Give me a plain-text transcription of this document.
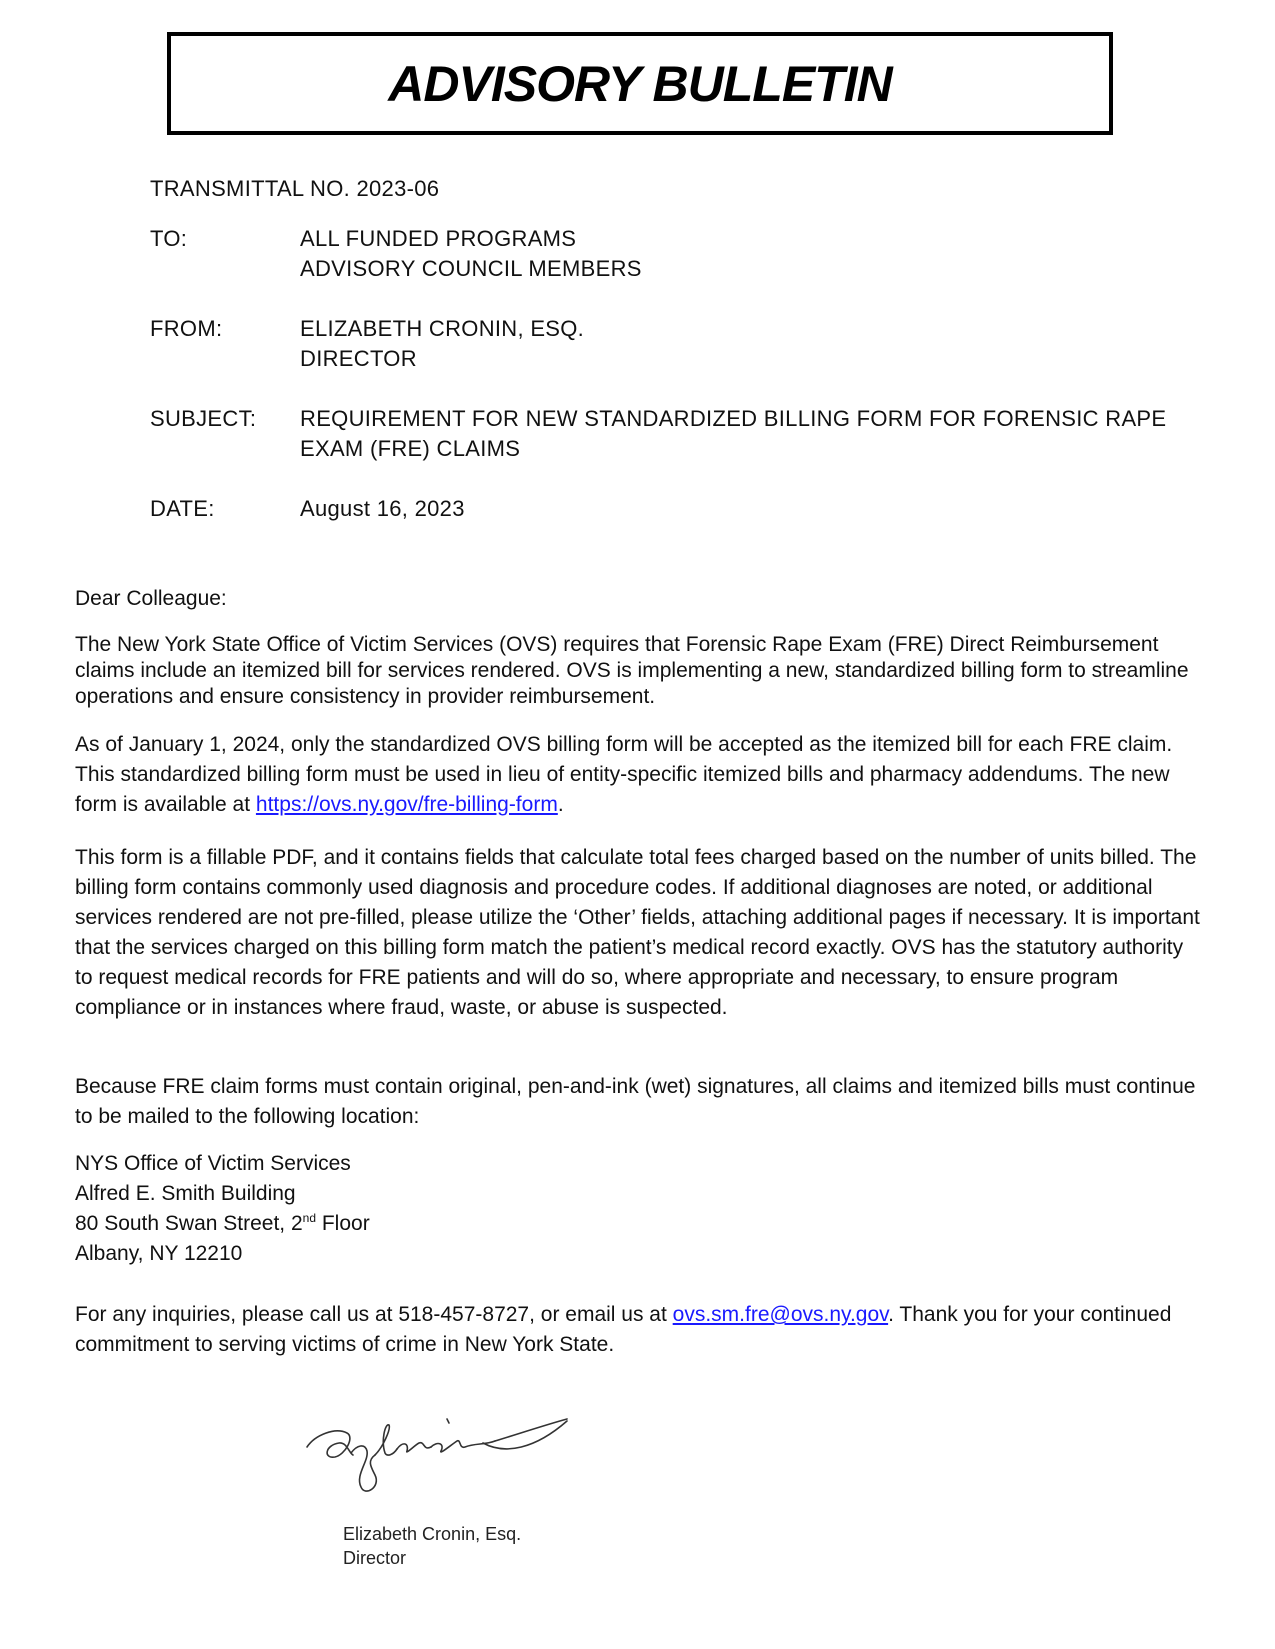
ADVISORY BULLETIN
TRANSMITTAL NO. 2023-06
TO:	ALL FUNDED PROGRAMS
ADVISORY COUNCIL MEMBERS
FROM:	ELIZABETH CRONIN, ESQ.
DIRECTOR
SUBJECT:	REQUIREMENT FOR NEW STANDARDIZED BILLING FORM FOR FORENSIC RAPE
EXAM (FRE) CLAIMS
DATE:	August 16, 2023

Dear Colleague:

The New York State Office of Victim Services (OVS) requires that Forensic Rape Exam (FRE) Direct Reimbursement claims include an itemized bill for services rendered. OVS is implementing a new, standardized billing form to streamline operations and ensure consistency in provider reimbursement.

As of January 1, 2024, only the standardized OVS billing form will be accepted as the itemized bill for each FRE claim. This standardized billing form must be used in lieu of entity-specific itemized bills and pharmacy addendums. The new form is available at https://ovs.ny.gov/fre-billing-form.

This form is a fillable PDF, and it contains fields that calculate total fees charged based on the number of units billed. The billing form contains commonly used diagnosis and procedure codes. If additional diagnoses are noted, or additional services rendered are not pre-filled, please utilize the ‘Other’ fields, attaching additional pages if necessary. It is important that the services charged on this billing form match the patient’s medical record exactly. OVS has the statutory authority to request medical records for FRE patients and will do so, where appropriate and necessary, to ensure program compliance or in instances where fraud, waste, or abuse is suspected.

Because FRE claim forms must contain original, pen-and-ink (wet) signatures, all claims and itemized bills must continue to be mailed to the following location:

NYS Office of Victim Services
Alfred E. Smith Building
80 South Swan Street, 2nd Floor
Albany, NY 12210

For any inquiries, please call us at 518-457-8727, or email us at ovs.sm.fre@ovs.ny.gov. Thank you for your continued commitment to serving victims of crime in New York State.

Elizabeth Cronin, Esq.
Director
